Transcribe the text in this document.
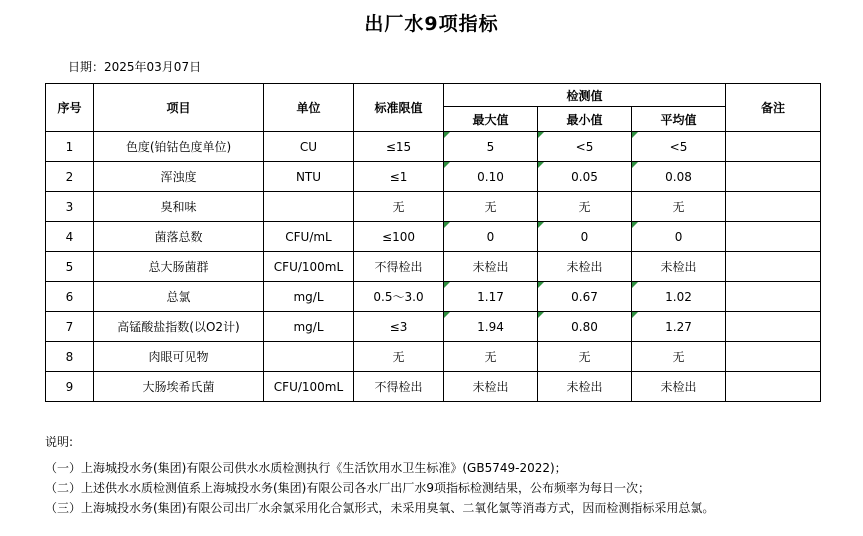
出厂水9项指标
日期：2025年03月07日
序号	项目	单位	标准限值	检测值			备注
				最大值	最小值	平均值	
1	色度(铂钴色度单位)	CU	≤15	5	<5	<5	
2	浑浊度	NTU	≤1	0.10	0.05	0.08	
3	臭和味		无	无	无	无	
4	菌落总数	CFU/mL	≤100	0	0	0	
5	总大肠菌群	CFU/100mL	不得检出	未检出	未检出	未检出	
6	总氯	mg/L	0.5～3.0	1.17	0.67	1.02	
7	高锰酸盐指数(以O2计)	mg/L	≤3	1.94	0.80	1.27	
8	肉眼可见物		无	无	无	无	
9	大肠埃希氏菌	CFU/100mL	不得检出	未检出	未检出	未检出	
说明:
（一）上海城投水务(集团)有限公司供水水质检测执行《生活饮用水卫生标准》(GB5749-2022)；
（二）上述供水水质检测值系上海城投水务(集团)有限公司各水厂出厂水9项指标检测结果，公布频率为每日一次；
（三）上海城投水务(集团)有限公司出厂水余氯采用化合氯形式，未采用臭氧、二氧化氯等消毒方式，因而检测指标采用总氯。
